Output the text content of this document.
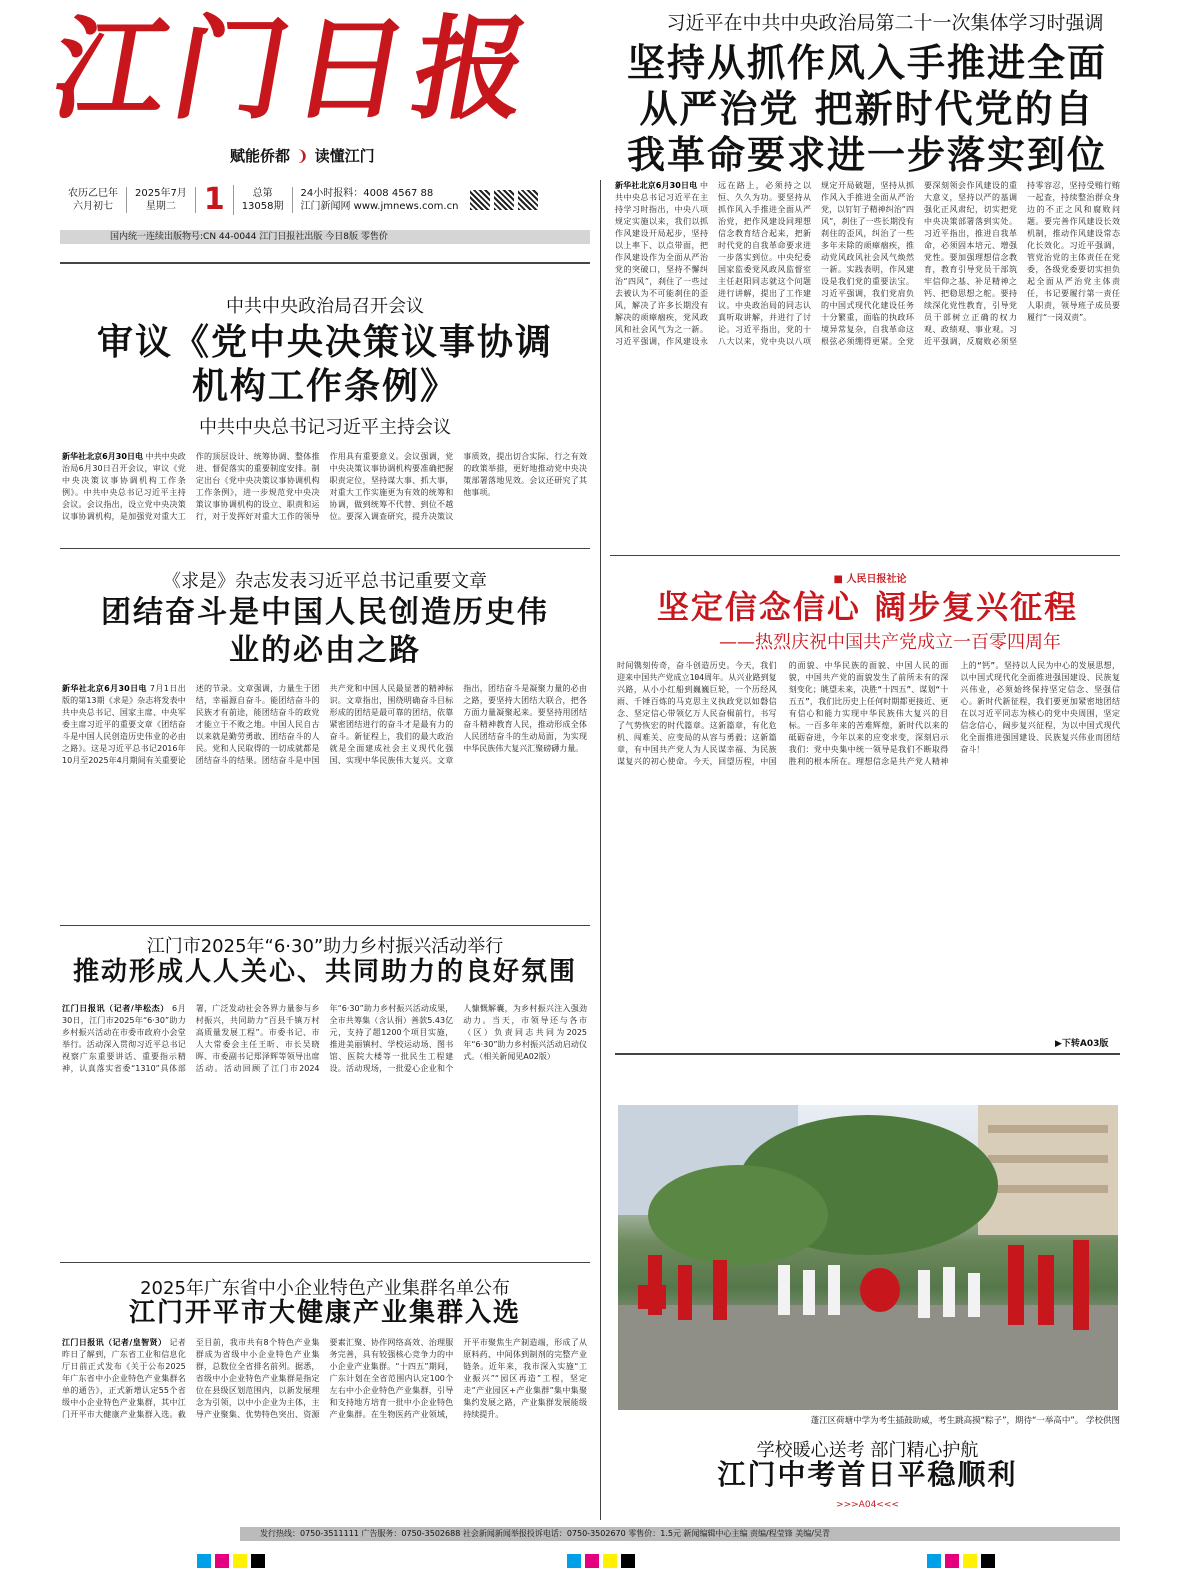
江门日报
赋能侨都 ❩ 读懂江门
农历乙巳年
六月初七
2025年7月
星期二 1	总第
13058期
24小时报料：4008 4567 88
江门新闻网 www.jmnews.com.cn
国内统一连续出版物号:CN 44-0044 江门日报社出版 今日8版 零售价
习近平在中共中央政治局第二十一次集体学习时强调
坚持从抓作风入手推进全面从严治党 把新时代党的自我革命要求进一步落实到位
新华社北京6月30日电 中共中央总书记习近平在主持学习时指出，中央八项规定实施以来，我们以抓作风建设开局起步，坚持以上率下、以点带面，把作风建设作为全面从严治党的突破口，坚持不懈纠治“四风”，刹住了一些过去被认为不可能刹住的歪风，解决了许多长期没有解决的顽瘴痼疾，党风政风和社会风气为之一新。习近平强调，作风建设永远在路上，必须持之以恒、久久为功。要坚持从抓作风入手推进全面从严治党，把作风建设同理想信念教育结合起来，把新时代党的自我革命要求进一步落实到位。中央纪委国家监委党风政风监督室主任赵阳同志就这个问题进行讲解，提出了工作建议。中央政治局的同志认真听取讲解，并进行了讨论。习近平指出，党的十八大以来，党中央以八项规定开局破题，坚持从抓作风入手推进全面从严治党，以钉钉子精神纠治“四风”，刹住了一些长期没有刹住的歪风，纠治了一些多年未除的顽瘴痼疾，推动党风政风社会风气焕然一新。实践表明，作风建设是我们党的重要法宝。习近平强调，我们党肩负的中国式现代化建设任务十分繁重，面临的执政环境异常复杂，自我革命这根弦必须绷得更紧。全党要深刻领会作风建设的重大意义，坚持以严的基调强化正风肃纪，切实把党中央决策部署落到实处。习近平指出，推进自我革命，必须固本培元、增强党性。要加强理想信念教育，教育引导党员干部筑牢信仰之基、补足精神之钙、把稳思想之舵。要持续深化党性教育，引导党员干部树立正确的权力观、政绩观、事业观。习近平强调，反腐败必须坚持零容忍，坚持受贿行贿一起查，持续整治群众身边的不正之风和腐败问题。要完善作风建设长效机制，推动作风建设常态化长效化。习近平强调，管党治党的主体责任在党委，各级党委要切实担负起全面从严治党主体责任，书记要履行第一责任人职责，领导班子成员要履行“一岗双责”。
中共中央政治局召开会议
审议《党中央决策议事协调机构工作条例》
中共中央总书记习近平主持会议
新华社北京6月30日电 中共中央政治局6月30日召开会议，审议《党中央决策议事协调机构工作条例》。中共中央总书记习近平主持会议。会议指出，设立党中央决策议事协调机构，是加强党对重大工作的顶层设计、统筹协调、整体推进、督促落实的重要制度安排。制定出台《党中央决策议事协调机构工作条例》，进一步规范党中央决策议事协调机构的设立、职责和运行，对于发挥好对重大工作的领导作用具有重要意义。会议强调，党中央决策议事协调机构要准确把握职责定位，坚持谋大事、抓大事，对重大工作实施更为有效的统筹和协调，做到统筹不代替、到位不越位。要深入调查研究，提升决策议事质效，提出切合实际、行之有效的政策举措，更好地推动党中央决策部署落地见效。会议还研究了其他事项。
《求是》杂志发表习近平总书记重要文章
团结奋斗是中国人民创造历史伟业的必由之路
新华社北京6月30日电 7月1日出版的第13期《求是》杂志将发表中共中央总书记、国家主席、中央军委主席习近平的重要文章《团结奋斗是中国人民创造历史伟业的必由之路》。这是习近平总书记2016年10月至2025年4月期间有关重要论述的节录。文章强调，力量生于团结，幸福源自奋斗。能团结奋斗的民族才有前途，能团结奋斗的政党才能立于不败之地。中国人民自古以来就是勤劳勇敢、团结奋斗的人民。党和人民取得的一切成就都是团结奋斗的结果。团结奋斗是中国共产党和中国人民最显著的精神标识。文章指出，围绕明确奋斗目标形成的团结是最可靠的团结，依靠紧密团结进行的奋斗才是最有力的奋斗。新征程上，我们的最大政治就是全面建成社会主义现代化强国、实现中华民族伟大复兴。文章指出，团结奋斗是凝聚力量的必由之路，要坚持大团结大联合，把各方面力量凝聚起来。要坚持用团结奋斗精神教育人民，推动形成全体人民团结奋斗的生动局面，为实现中华民族伟大复兴汇聚磅礴力量。
江门市2025年“6·30”助力乡村振兴活动举行
推动形成人人关心、共同助力的良好氛围
江门日报讯（记者/毕松杰） 6月30日，江门市2025年“6·30”助力乡村振兴活动在市委市政府小会堂举行。活动深入贯彻习近平总书记视察广东重要讲话、重要指示精神，认真落实省委“1310”具体部署，广泛发动社会各界力量参与乡村振兴，共同助力“百县千镇万村高质量发展工程”。市委书记、市人大常委会主任王昕、市长吴晓晖、市委副书记郑泽辉等领导出席活动。活动回顾了江门市2024年“6·30”助力乡村振兴活动成果，全市共筹集（含认捐）善款5.43亿元，支持了超1200个项目实施，推进美丽镇村、学校运动场、图书馆、医院大楼等一批民生工程建设。活动现场，一批爱心企业和个人慷慨解囊，为乡村振兴注入强劲动力。当天，市领导还与各市（区）负责同志共同为2025年“6·30”助力乡村振兴活动启动仪式。（相关新闻见A02版）
2025年广东省中小企业特色产业集群名单公布
江门开平市大健康产业集群入选
江门日报讯（记者/皇智贤） 记者昨日了解到，广东省工业和信息化厅日前正式发布《关于公布2025年广东省中小企业特色产业集群名单的通告》，正式新增认定55个省级中小企业特色产业集群，其中江门开平市大健康产业集群入选。截至目前，我市共有8个特色产业集群成为省级中小企业特色产业集群，总数位全省排名前列。据悉，省级中小企业特色产业集群是指定位在县级区划范围内，以新发展理念为引领，以中小企业为主体，主导产业聚集、优势特色突出、资源要素汇聚、协作网络高效、治理服务完善，具有较强核心竞争力的中小企业产业集群。“十四五”期间，广东计划在全省范围内认定100个左右中小企业特色产业集群，引导和支持地方培育一批中小企业特色产业集群。在生物医药产业领域，开平市聚焦生产制造端，形成了从原料药、中间体到制剂的完整产业链条。近年来，我市深入实施“工业振兴”“园区再造”工程，坚定走“产业园区+产业集群”集中集聚集约发展之路，产业集群发展能级持续提升。
■ 人民日报社论
坚定信念信心 阔步复兴征程
——热烈庆祝中国共产党成立一百零四周年
时间镌刻传奇，奋斗创造历史。今天，我们迎来中国共产党成立104周年。从兴业路到复兴路，从小小红船到巍巍巨轮，一个历经风雨、千锤百炼的马克思主义执政党以如磐信念、坚定信心带领亿万人民奋楫前行，书写了气势恢宏的时代篇章。这新篇章，有化危机、闯难关、应变局的从容与勇毅；这新篇章，有中国共产党人为人民谋幸福、为民族谋复兴的初心使命。今天，回望历程，中国的面貌、中华民族的面貌、中国人民的面貌，中国共产党的面貌发生了前所未有的深刻变化；眺望未来，决胜“十四五”、谋划“十五五”，我们比历史上任何时期都更接近、更有信心和能力实现中华民族伟大复兴的目标。一百多年来的苦难辉煌，新时代以来的砥砺奋进，今年以来的应变求变，深刻启示我们：党中央集中统一领导是我们不断取得胜利的根本所在。理想信念是共产党人精神上的“钙”。坚持以人民为中心的发展思想，以中国式现代化全面推进强国建设、民族复兴伟业，必须始终保持坚定信念、坚强信心。新时代新征程，我们要更加紧密地团结在以习近平同志为核心的党中央周围，坚定信念信心，阔步复兴征程，为以中国式现代化全面推进强国建设、民族复兴伟业而团结奋斗！
▶下转A03版
蓬江区荷塘中学为考生插鼓助威，考生跳高摸“粽子”，期待“一举高中”。 学校供图
学校暖心送考 部门精心护航
江门中考首日平稳顺利
>>>A04<<<
发行热线：0750-3511111 广告服务：0750-3502688 社会新闻新闻举报投诉电话：0750-3502670 零售价：1.5元 新闻编辑中心主编 责编/程莹锋 美编/吴青
